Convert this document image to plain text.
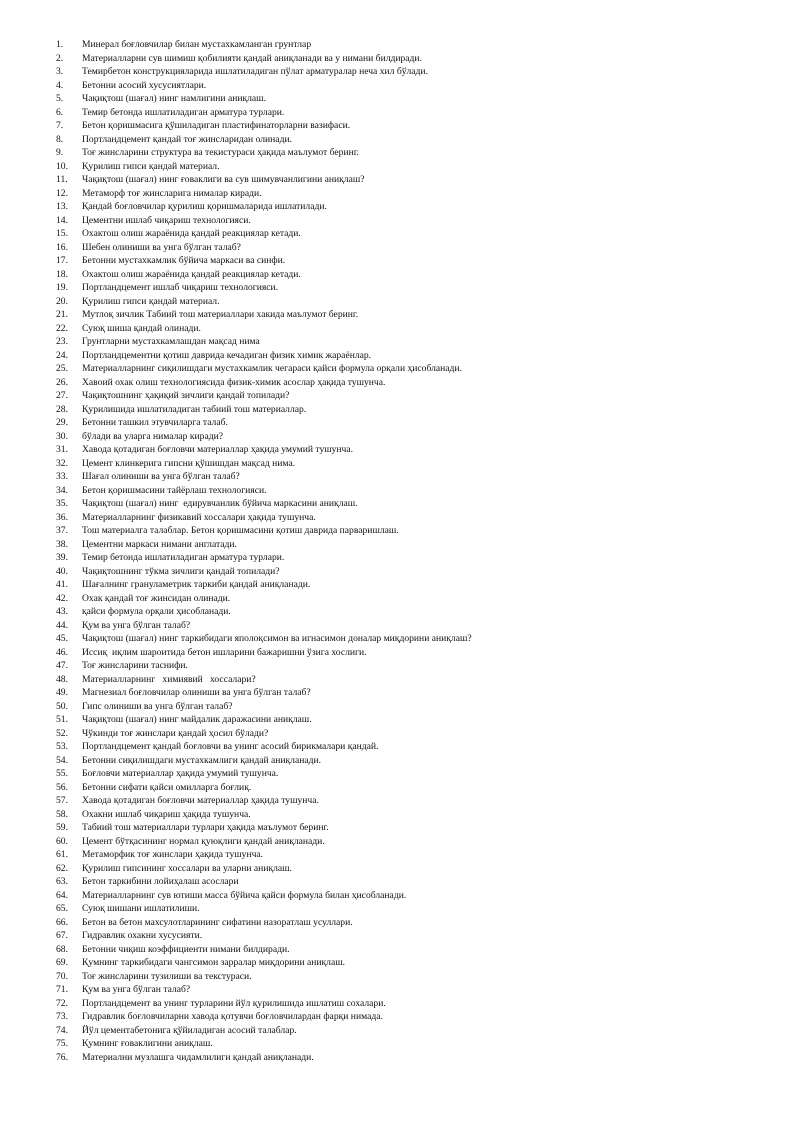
1.	Минерал боғловчилар билан мустахкамланган грунтлар
2.	Материалларни сув шимиш қобилияти қандай аниқланади ва у нимани билдиради.
3.	Темирбетон конструкцияларида ишлатиладиган пўлат арматуралар неча хил бўлади.
4.	Бетонни асосий хусусиятлари.
5.	Чақиқтош (шағал) нинг намлигини аниқлаш.
6.	Темир бетонда ишлатиладиган арматура турлари.
7.	Бетон қоришмасига қўшиладиган пластифинаторларни вазифаси.
8.	Портландцемент қандай тоғ жинсларидан олинади.
9.	Тоғ жинсларини структура ва текистураси ҳақида маълумот беринг.
10.	Қурилиш гипси қандай материал.
11.	Чақиқтош (шағал) нинг ғоваклиги ва сув шимувчанлигини аниқлаш?
12.	Метаморф тоғ жинсларига нималар киради.
13.	Қандай боғловчилар қурилиш қоришмаларида ишлатилади.
14.	Цементни ишлаб чиқариш технологияси.
15.	Охактош олиш жараёнида қандай реакциялар кетади.
16.	Шебен олиниши ва унга бўлган талаб?
17.	Бетонни мустахкамлик бўйича маркаси ва синфи.
18.	Охактош олиш жараёнида қандай реакциялар кетади.
19.	Портландцемент ишлаб чиқариш технологияси.
20.	Қурилиш гипси қандай материал.
21.	Мутлоқ зичлик Табиий тош материаллари хакида маълумот беринг.
22.	Суюқ шиша қандай олинади.
23.	Грунтларни мустахкамлашдан мақсад нима
24.	Портландцементни қотиш даврида кечадиган физик химик жараёнлар.
25.	Материалларнинг сиқилишдаги мустахкамлик чегараси қайси формула орқали ҳисобланади.
26.	Хавоий охак олиш технологиясида физик-химик асослар ҳақида тушунча.
27.	Чақиқтошнинг ҳақиқий зичлиги қандай топилади?
28.	Қурилишида ишлатиладиган табиий тош материаллар.
29.	Бетонни ташкил этувчиларга талаб.
30.	бўлади ва уларга нималар киради?
31.	Хавода қотадиган боғловчи материаллар ҳақида умумий тушунча.
32.	Цемент клинкерига гипсни қўшишдан мақсад нима.
33.	Шағал олиниши ва унга бўлган талаб?
34.	Бетон қоришмасини тайёрлаш технологияси.
35.	Чақиқтош (шағал) нинг  едирувчанлик бўйича маркасини аниқлаш.
36.	Материалларнинг физикавий хоссалари ҳақида тушунча.
37.	Тош материалга талаблар. Бетон қоришмасини қотиш даврида парваришлаш.
38.	Цементни маркаси нимани англатади.
39.	Темир бетонда ишлатиладиган арматура турлари.
40.	Чақиқтошнинг тўкма зичлиги қандай топилади?
41.	Шағалнинг грануламетрик таркиби қандай аниқланади.
42.	Охак қандай тоғ жинсидан олинади.
43.	қайси формула орқали ҳисобланади.
44.	Қум ва унга бўлган талаб?
45.	Чақиқтош (шағал) нинг таркибидаги яполоқсимон ва игнасимон доналар миқдорини аниқлаш?
46.	Иссиқ  иқлим шароитида бетон ишларини бажаришни ўзига хослиги.
47.	Тоғ жинсларини таснифи.
48.	Материалларнинг   химиявий   хоссалари?
49.	Магнезиал боғловчилар олиниши ва унга бўлган талаб?
50.	Гипс олиниши ва унга бўлган талаб?
51.	Чақиқтош (шағал) нинг майдалик даражасини аниқлаш.
52.	Чўкинди тоғ жинслари қандай ҳосил бўлади?
53.	Портландцемент қандай боғловчи ва унинг асосий бирикмалари қандай.
54.	Бетонни сиқилишдаги мустахкамлиги қандай аниқланади.
55.	Боғловчи материаллар ҳақида умумий тушунча.
56.	Бетонни сифати қайси омилларга боғлиқ.
57.	Хавода қотадиган боғловчи материаллар ҳақида тушунча.
58.	Охакни ишлаб чиқариш ҳақида тушунча.
59.	Табиий тош материаллари турлари ҳақида маълумот беринг.
60.	Цемент бўтқасининг нормал қуюқлиги қандай аниқланади.
61.	Метаморфик тоғ жинслари ҳақида тушунча.
62.	Қурилиш гипсининг хоссалари ва уларни аниқлаш.
63.	Бетон таркибини лойиҳалаш асослари
64.	Материалларнинг сув ютиши масса бўйича қайси формула билан ҳисобланади.
65.	Суюқ шишани ишлатилиши.
66.	Бетон ва бетон махсулотларининг сифатини назоратлаш усуллари.
67.	Гидравлик охакни хусусияти.
68.	Бетонни чиқиш коэффициенти нимани билдиради.
69.	Қумнинг таркибидаги чангсимон зарралар миқдорини аниқлаш.
70.	Тоғ жинсларини тузилиши ва текстураси.
71.	Қум ва унга бўлган талаб?
72.	Портландцемент ва унинг турларини йўл қурилишида ишлатиш сохалари.
73.	Гидравлик боғловчиларни хавода қотувчи боғловчилардан фарқи нимада.
74.	Йўл цементабетонига қўйиладиган асосий талаблар.
75.	Қумнинг ғоваклигини аниқлаш.
76.	Материални музлашга чидамлилиги қандай аниқланади.
